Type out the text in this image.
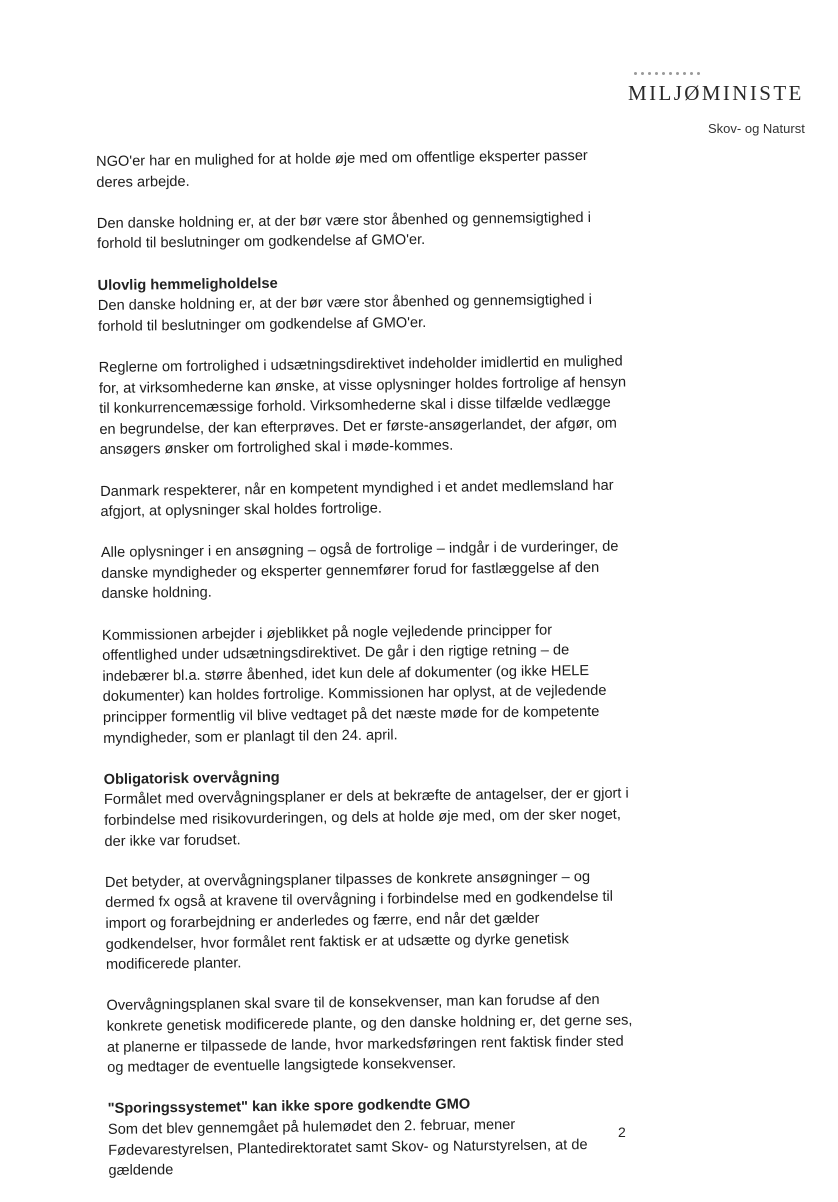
MILJØMINISTE
Skov- og Naturst

NGO'er har en mulighed for at holde øje med om offentlige eksperter passer deres arbejde.

Den danske holdning er, at der bør være stor åbenhed og gennemsigtighed i forhold til beslutninger om godkendelse af GMO'er.

Ulovlig hemmeligholdelse
Den danske holdning er, at der bør være stor åbenhed og gennemsigtighed i forhold til beslutninger om godkendelse af GMO'er.

Reglerne om fortrolighed i udsætningsdirektivet indeholder imidlertid en mulighed for, at virksomhederne kan ønske, at visse oplysninger holdes fortrolige af hensyn til konkurrencemæssige forhold. Virksomhederne skal i disse tilfælde vedlægge en begrundelse, der kan efterprøves. Det er første-ansøgerlandet, der afgør, om ansøgers ønsker om fortrolighed skal i møde-kommes.

Danmark respekterer, når en kompetent myndighed i et andet medlemsland har afgjort, at oplysninger skal holdes fortrolige.

Alle oplysninger i en ansøgning – også de fortrolige – indgår i de vurderinger, de danske myndigheder og eksperter gennemfører forud for fastlæggelse af den danske holdning.

Kommissionen arbejder i øjeblikket på nogle vejledende principper for offentlighed under udsætningsdirektivet. De går i den rigtige retning – de indebærer bl.a. større åbenhed, idet kun dele af dokumenter (og ikke HELE dokumenter) kan holdes fortrolige. Kommissionen har oplyst, at de vejledende principper formentlig vil blive vedtaget på det næste møde for de kompetente myndigheder, som er planlagt til den 24. april.

Obligatorisk overvågning
Formålet med overvågningsplaner er dels at bekræfte de antagelser, der er gjort i forbindelse med risikovurderingen, og dels at holde øje med, om der sker noget, der ikke var forudset.

Det betyder, at overvågningsplaner tilpasses de konkrete ansøgninger – og dermed fx også at kravene til overvågning i forbindelse med en godkendelse til import og forarbejdning er anderledes og færre, end når det gælder godkendelser, hvor formålet rent faktisk er at udsætte og dyrke genetisk modificerede planter.

Overvågningsplanen skal svare til de konsekvenser, man kan forudse af den konkrete genetisk modificerede plante, og den danske holdning er, det gerne ses, at planerne er tilpassede de lande, hvor markedsføringen rent faktisk finder sted og medtager de eventuelle langsigtede konsekvenser.

"Sporingssystemet" kan ikke spore godkendte GMO
Som det blev gennemgået på hulemødet den 2. februar, mener Fødevarestyrelsen, Plantedirektoratet samt Skov- og Naturstyrelsen, at de gældende

2
